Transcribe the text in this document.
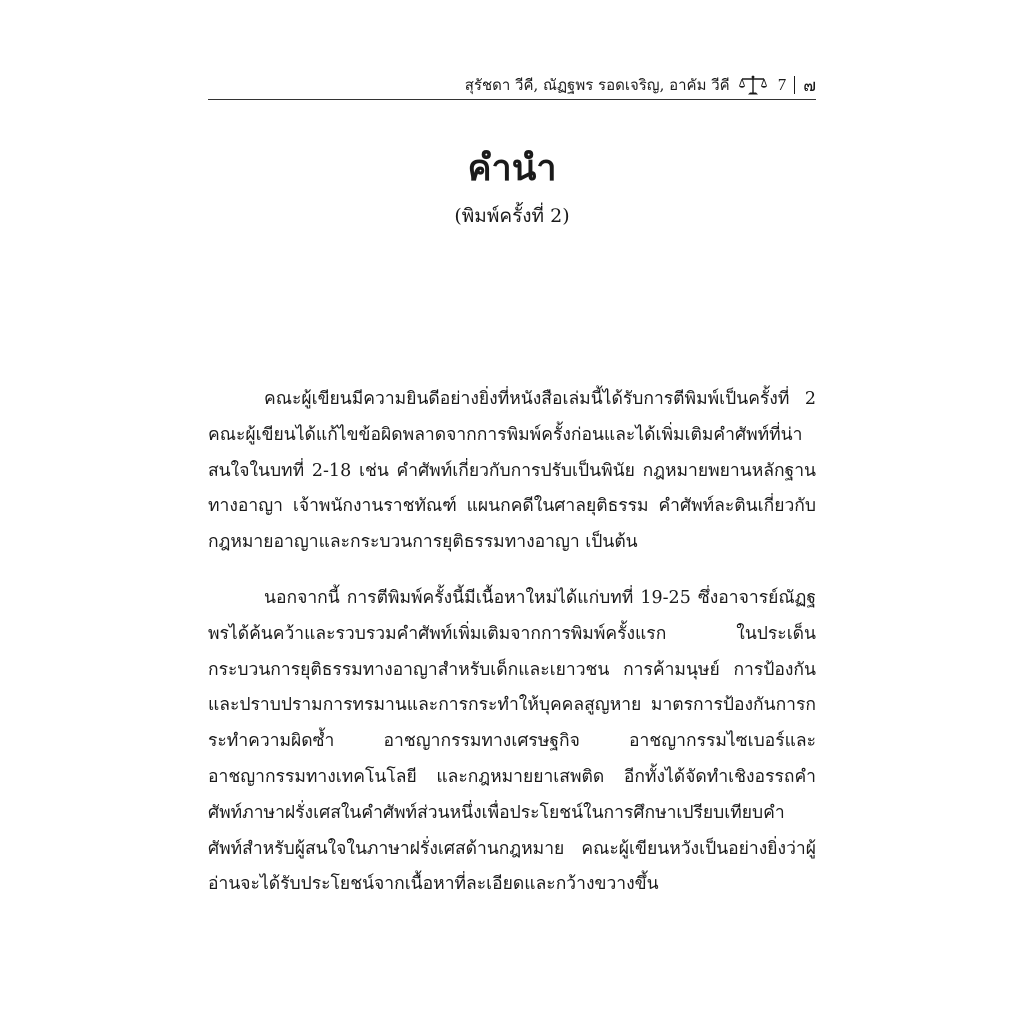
สุรัชดา วีคี, ณัฏฐพร รอดเจริญ, อาคัม วีคี	7 ๗
คำนำ
(พิมพ์ครั้งที่ 2)

คณะผู้เขียนมีความยินดีอย่างยิ่งที่หนังสือเล่มนี้ได้รับการตีพิมพ์เป็นครั้งที่ 2 คณะผู้เขียนได้แก้ไขข้อผิดพลาดจากการพิมพ์ครั้งก่อนและได้เพิ่มเติมคำศัพท์ที่น่าสนใจในบทที่ 2-18 เช่น คำศัพท์เกี่ยวกับการปรับเป็นพินัย กฎหมายพยานหลักฐานทางอาญา เจ้าพนักงานราชทัณฑ์ แผนกคดีในศาลยุติธรรม คำศัพท์ละตินเกี่ยวกับกฎหมายอาญาและกระบวนการยุติธรรมทางอาญา เป็นต้น

นอกจากนี้ การตีพิมพ์ครั้งนี้มีเนื้อหาใหม่ได้แก่บทที่ 19-25 ซึ่งอาจารย์ณัฏฐพรได้ค้นคว้าและรวบรวมคำศัพท์เพิ่มเติมจากการพิมพ์ครั้งแรก ในประเด็นกระบวนการยุติธรรมทางอาญาสำหรับเด็กและเยาวชน การค้ามนุษย์ การป้องกันและปราบปรามการทรมานและการกระทำให้บุคคลสูญหาย มาตรการป้องกันการกระทำความผิดซ้ำ อาชญากรรมทางเศรษฐกิจ อาชญากรรมไซเบอร์และอาชญากรรมทางเทคโนโลยี และกฎหมายยาเสพติด อีกทั้งได้จัดทำเชิงอรรถคำศัพท์ภาษาฝรั่งเศสในคำศัพท์ส่วนหนึ่งเพื่อประโยชน์ในการศึกษาเปรียบเทียบคำศัพท์สำหรับผู้สนใจในภาษาฝรั่งเศสด้านกฎหมาย คณะผู้เขียนหวังเป็นอย่างยิ่งว่าผู้อ่านจะได้รับประโยชน์จากเนื้อหาที่ละเอียดและกว้างขวางขึ้น
